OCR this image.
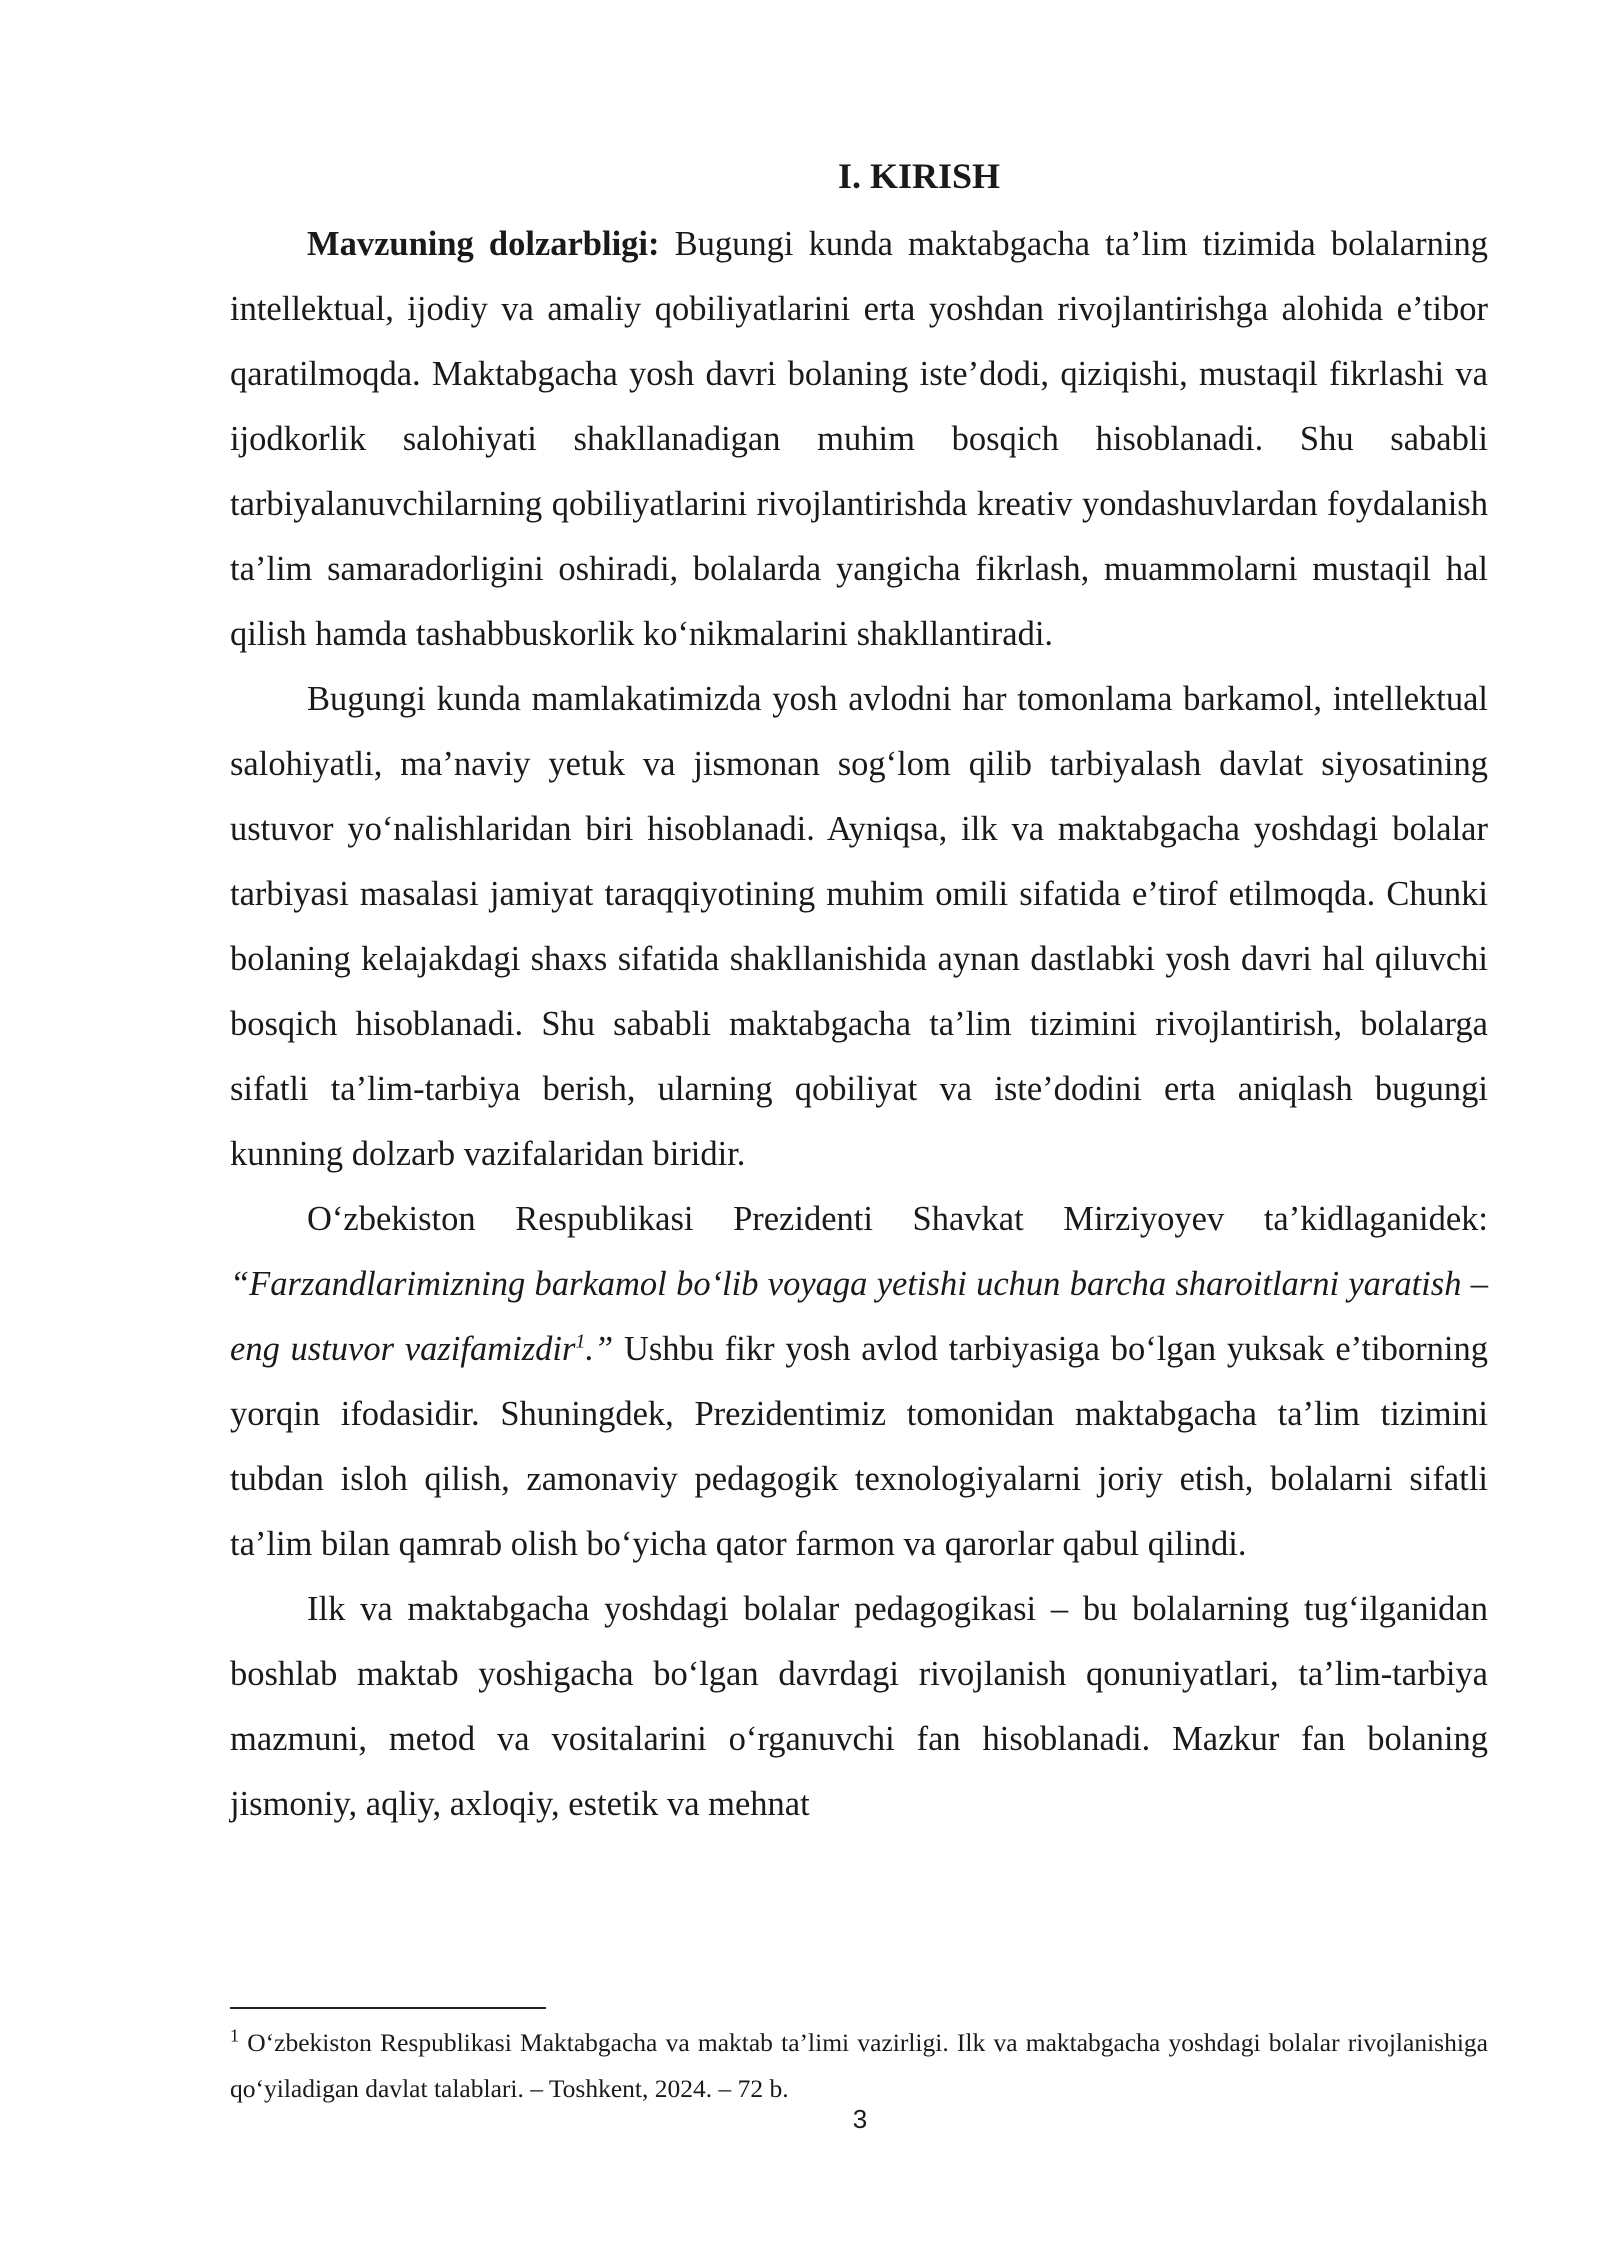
I. KIRISH

Mavzuning dolzarbligi: Bugungi kunda maktabgacha ta’lim tizimida bolalarning intellektual, ijodiy va amaliy qobiliyatlarini erta yoshdan rivojlantirishga alohida e’tibor qaratilmoqda. Maktabgacha yosh davri bolaning iste’dodi, qiziqishi, mustaqil fikrlashi va ijodkorlik salohiyati shakllanadigan muhim bosqich hisoblanadi. Shu sababli tarbiyalanuvchilarning qobiliyatlarini rivojlantirishda kreativ yondashuvlardan foydalanish ta’lim samaradorligini oshiradi, bolalarda yangicha fikrlash, muammolarni mustaqil hal qilish hamda tashabbuskorlik ko‘nikmalarini shakllantiradi.

Bugungi kunda mamlakatimizda yosh avlodni har tomonlama barkamol, intellektual salohiyatli, ma’naviy yetuk va jismonan sog‘lom qilib tarbiyalash davlat siyosatining ustuvor yo‘nalishlaridan biri hisoblanadi. Ayniqsa, ilk va maktabgacha yoshdagi bolalar tarbiyasi masalasi jamiyat taraqqiyotining muhim omili sifatida e’tirof etilmoqda. Chunki bolaning kelajakdagi shaxs sifatida shakllanishida aynan dastlabki yosh davri hal qiluvchi bosqich hisoblanadi. Shu sababli maktabgacha ta’lim tizimini rivojlantirish, bolalarga sifatli ta’lim-tarbiya berish, ularning qobiliyat va iste’dodini erta aniqlash bugungi kunning dolzarb vazifalaridan biridir.

O‘zbekiston Respublikasi Prezidenti Shavkat Mirziyoyev ta’kidlaganidek: “Farzandlarimizning barkamol bo‘lib voyaga yetishi uchun barcha sharoitlarni yaratish – eng ustuvor vazifamizdir$^1$.” Ushbu fikr yosh avlod tarbiyasiga bo‘lgan yuksak e’tiborning yorqin ifodasidir. Shuningdek, Prezidentimiz tomonidan maktabgacha ta’lim tizimini tubdan isloh qilish, zamonaviy pedagogik texnologiyalarni joriy etish, bolalarni sifatli ta’lim bilan qamrab olish bo‘yicha qator farmon va qarorlar qabul qilindi.

Ilk va maktabgacha yoshdagi bolalar pedagogikasi – bu bolalarning tug‘ilganidan boshlab maktab yoshigacha bo‘lgan davrdagi rivojlanish qonuniyatlari, ta’lim-tarbiya mazmuni, metod va vositalarini o‘rganuvchi fan hisoblanadi. Mazkur fan bolaning jismoniy, aqliy, axloqiy, estetik va mehnat

$^1$ O‘zbekiston Respublikasi Maktabgacha va maktab ta’limi vazirligi. Ilk va maktabgacha yoshdagi bolalar rivojlanishiga qo‘yiladigan davlat talablari. – Toshkent, 2024. – 72 b.

3
